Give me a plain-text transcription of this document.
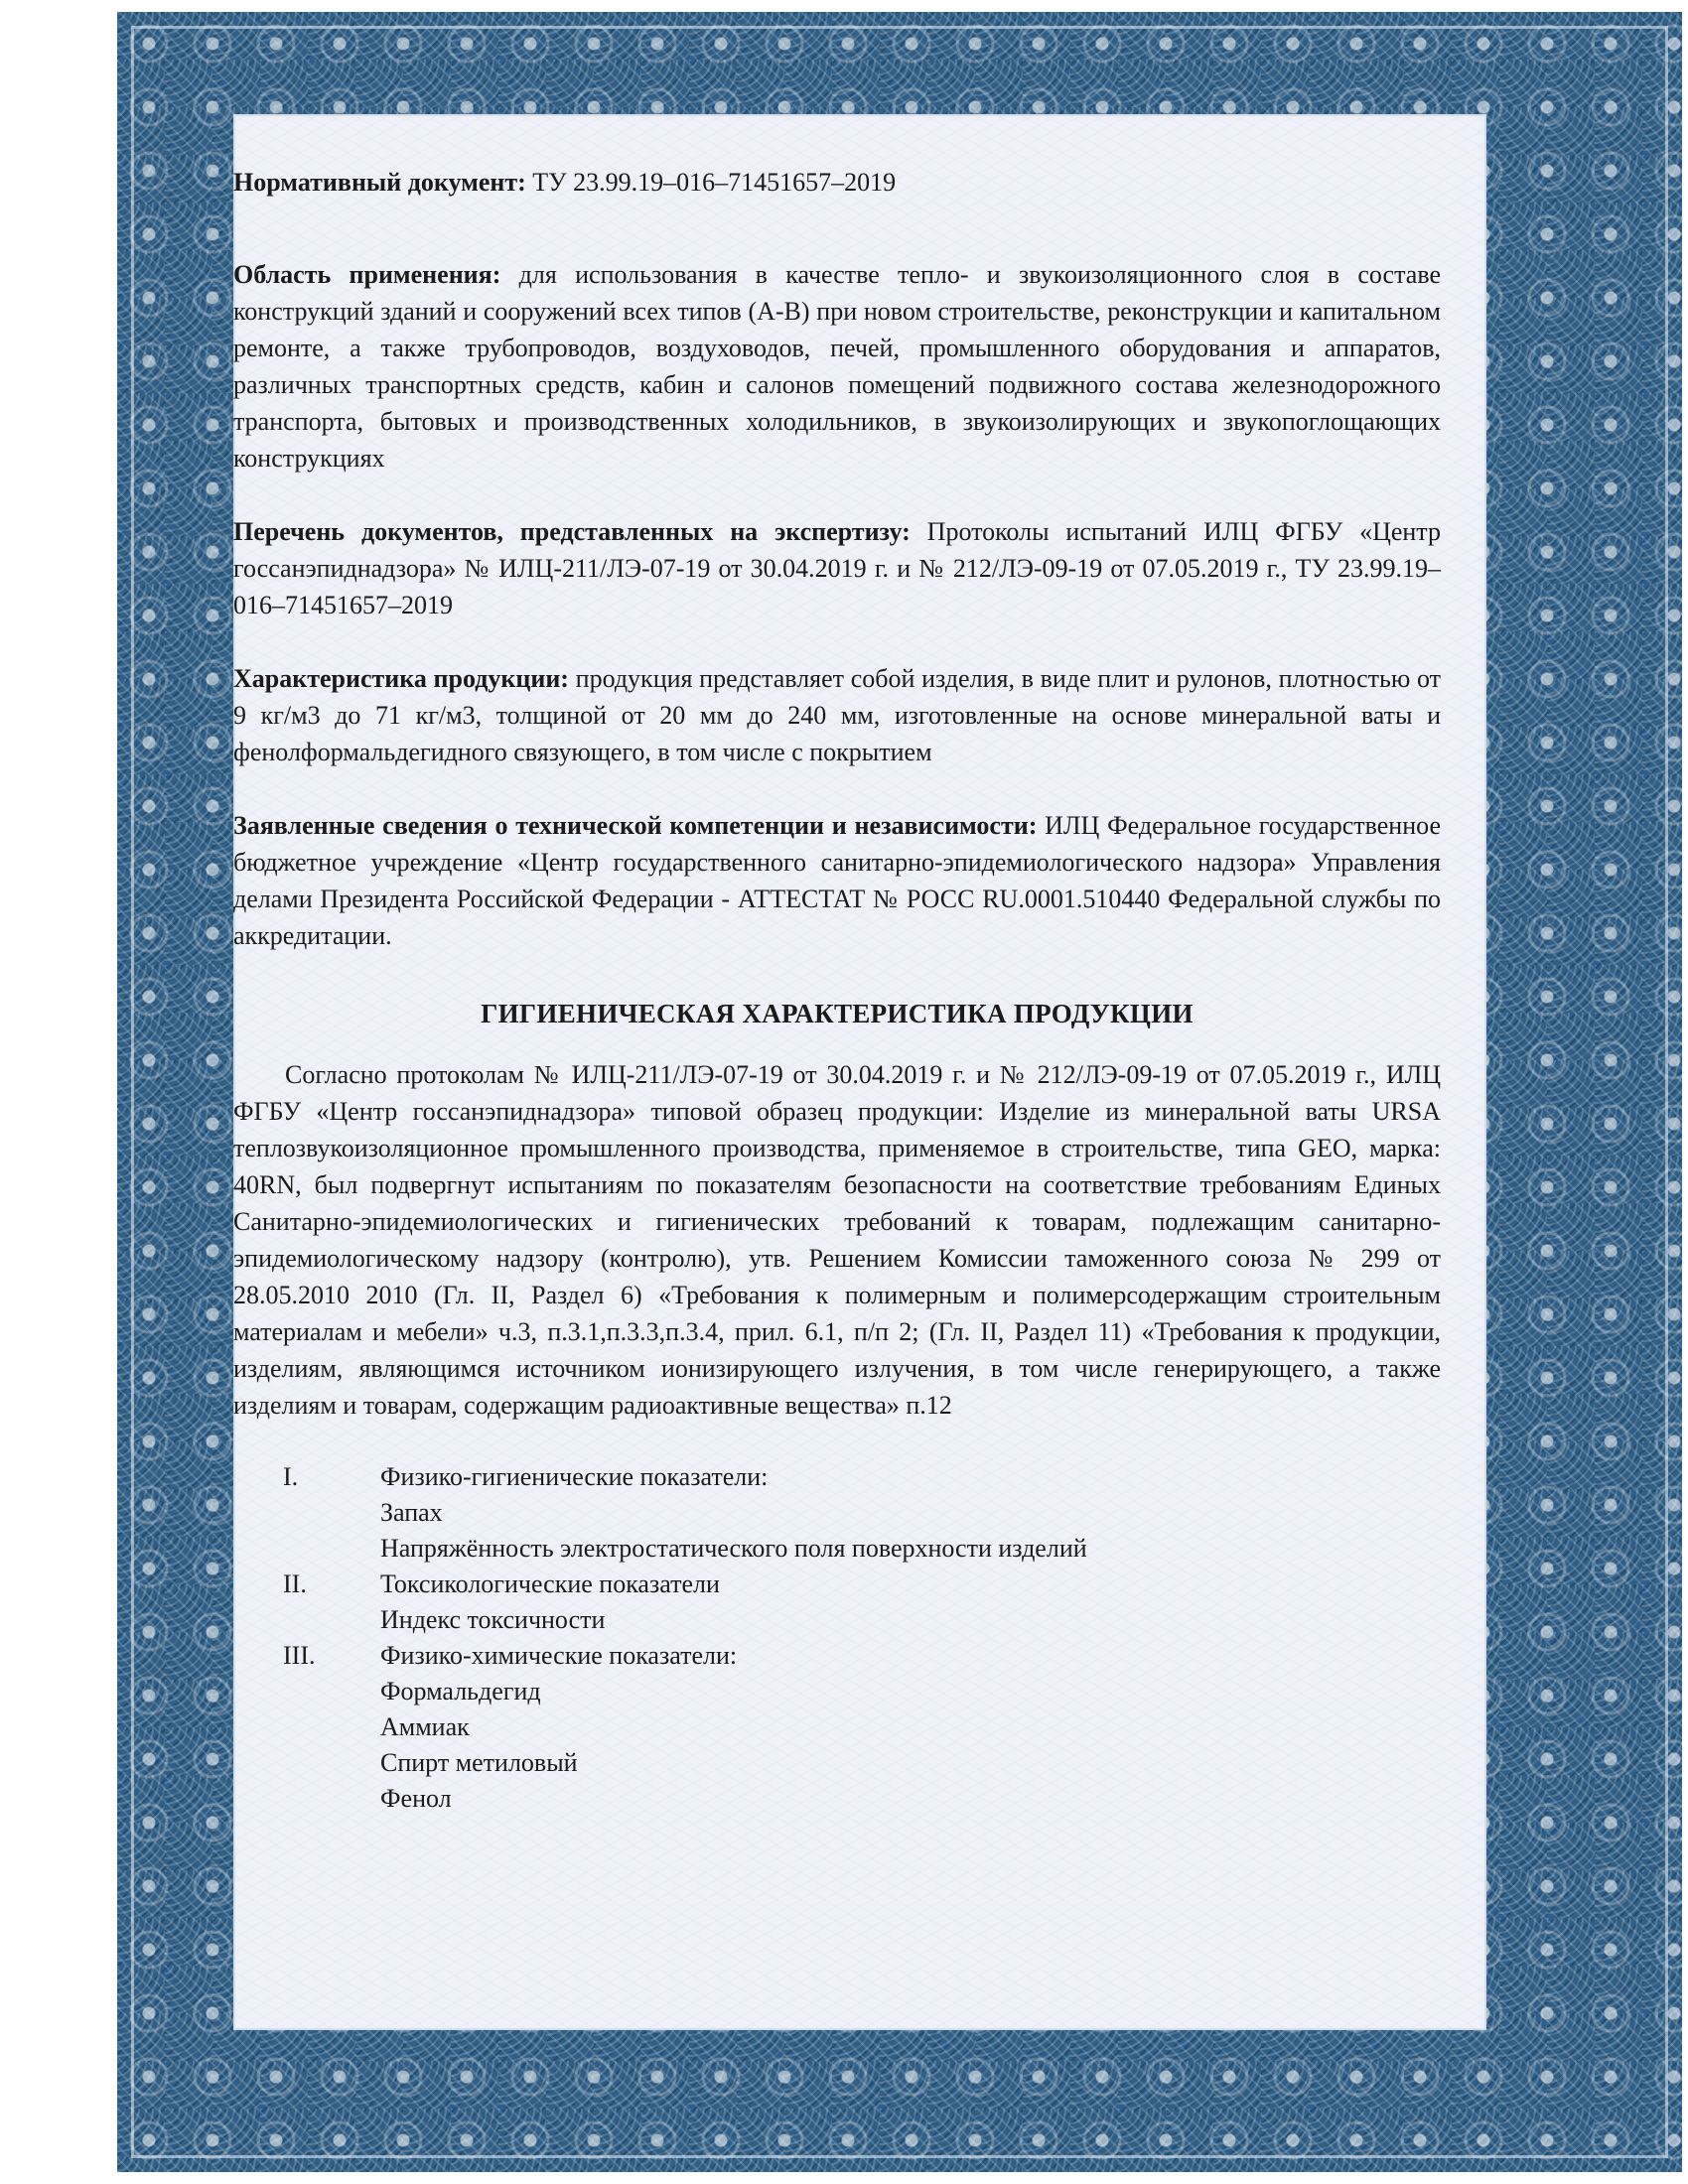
Нормативный документ: ТУ 23.99.19–016–71451657–2019

Область применения: для использования в качестве тепло- и звукоизоляционного слоя в составе конструкций зданий и сооружений всех типов (А-В) при новом строительстве, реконструкции и капитальном ремонте, а также трубопроводов, воздуховодов, печей, промышленного оборудования и аппаратов, различных транспортных средств, кабин и салонов помещений подвижного состава железнодорожного транспорта, бытовых и производственных холодильников, в звукоизолирующих и звукопоглощающих конструкциях

Перечень документов, представленных на экспертизу: Протоколы испытаний ИЛЦ ФГБУ «Центр госсанэпиднадзора» № ИЛЦ-211/ЛЭ-07-19 от 30.04.2019 г. и № 212/ЛЭ-09-19 от 07.05.2019 г., ТУ 23.99.19–016–71451657–2019

Характеристика продукции: продукция представляет собой изделия, в виде плит и рулонов, плотностью от 9 кг/м3 до 71 кг/м3, толщиной от 20 мм до 240 мм, изготовленные на основе минеральной ваты и фенолформальдегидного связующего, в том числе с покрытием

Заявленные сведения о технической компетенции и независимости: ИЛЦ Федеральное государственное бюджетное учреждение «Центр государственного санитарно-эпидемиологического надзора» Управления делами Президента Российской Федерации - АТТЕСТАТ № РОСС RU.0001.510440 Федеральной службы по аккредитации.

ГИГИЕНИЧЕСКАЯ ХАРАКТЕРИСТИКА ПРОДУКЦИИ

Согласно протоколам № ИЛЦ-211/ЛЭ-07-19 от 30.04.2019 г. и № 212/ЛЭ-09-19 от 07.05.2019 г., ИЛЦ ФГБУ «Центр госсанэпиднадзора» типовой образец продукции: Изделие из минеральной ваты URSA теплозвукоизоляционное промышленного производства, применяемое в строительстве, типа GEO, марка: 40RN, был подвергнут испытаниям по показателям безопасности на соответствие требованиям Единых Санитарно-эпидемиологических и гигиенических требований к товарам, подлежащим санитарно-эпидемиологическому надзору (контролю), утв. Решением Комиссии таможенного союза № 299 от 28.05.2010 2010 (Гл. II, Раздел 6) «Требования к полимерным и полимерсодержащим строительным материалам и мебели» ч.3, п.3.1,п.3.3,п.3.4, прил. 6.1, п/п 2; (Гл. II, Раздел 11) «Требования к продукции, изделиям, являющимся источником ионизирующего излучения, в том числе генерирующего, а также изделиям и товарам, содержащим радиоактивные вещества» п.12

I.	Физико-гигиенические показатели:
Запах
Напряжённость электростатического поля поверхности изделий
II.	Токсикологические показатели
Индекс токсичности
III.	Физико-химические показатели:
Формальдегид
Аммиак
Спирт метиловый
Фенол
